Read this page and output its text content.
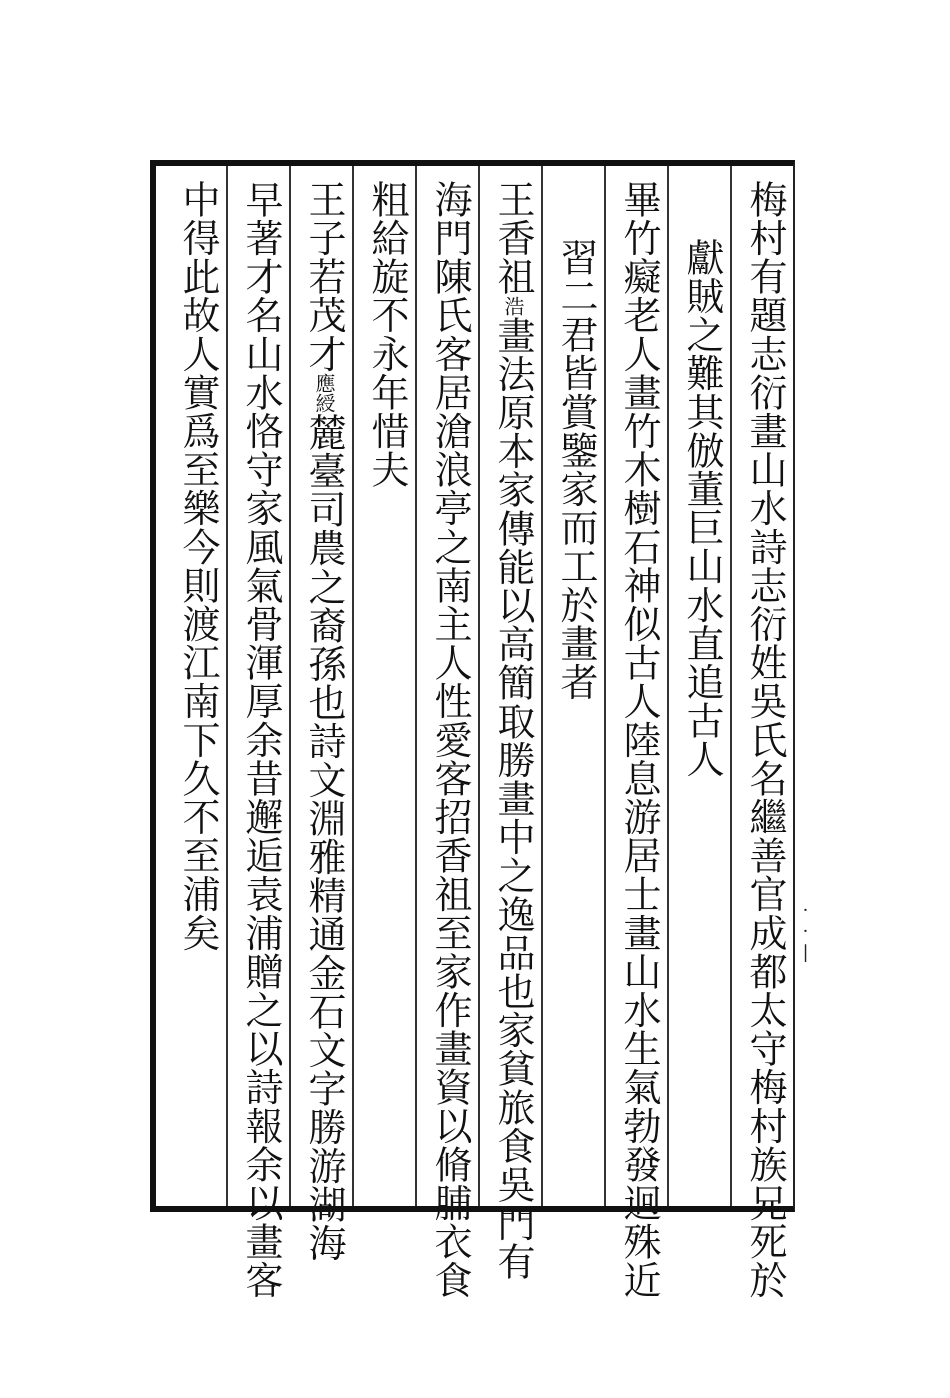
梅村有題志衍畫山水詩志衍姓吳氏名繼善官成都太守梅村族兄死於

獻賊之難其倣董巨山水直追古人

畢竹癡老人畫竹木樹石神似古人陸息游居士畫山水生氣勃發迥殊近

習二君皆賞鑒家而工於畫者

王香祖浩畫法原本家傳能以高簡取勝畫中之逸品也家貧旅食吳門有

海門陳氏客居滄浪亭之南主人性愛客招香祖至家作畫資以脩脯衣食

粗給旋不永年惜夫

王子若茂才應綬麓臺司農之裔孫也詩文淵雅精通金石文字勝游湖海

早著才名山水恪守家風氣骨渾厚余昔邂逅袁浦贈之以詩報余以畫客

中得此故人實爲至樂今則渡江南下久不至浦矣	··|
